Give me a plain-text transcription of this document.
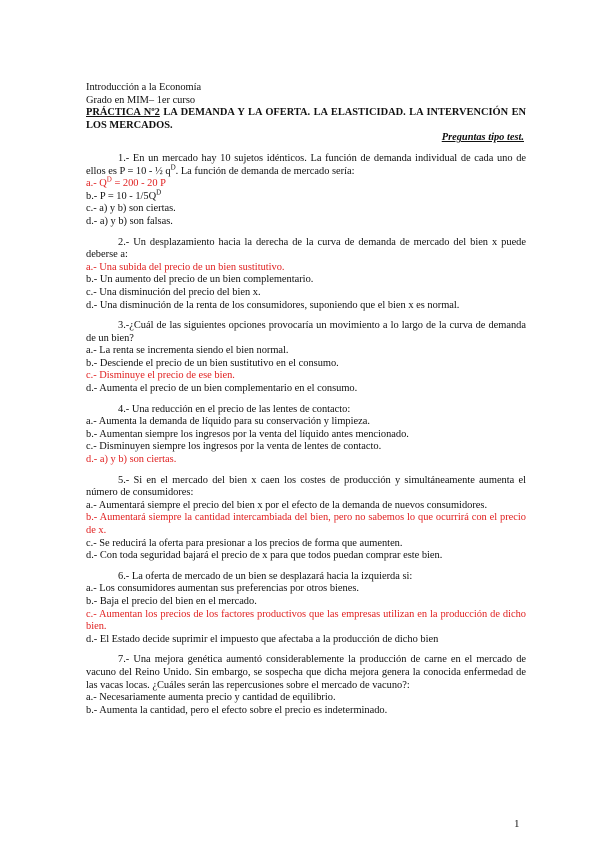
Introducción a la Economía

Grado en MIM– 1er curso

PRÁCTICA Nº2 LA DEMANDA Y LA OFERTA. LA ELASTICIDAD. LA INTERVENCIÓN EN LOS MERCADOS.

Preguntas tipo test.

1.- En un mercado hay 10 sujetos idénticos. La función de demanda individual de cada uno de ellos es P = 10 - ½ $q^D$. La función de demanda de mercado sería:

a.- $Q^D = 200 - 20$ P

b.- $P = 10 - 1/5Q^D$

c.- a) y b) son ciertas.

d.- a) y b) son falsas.

2.- Un desplazamiento hacia la derecha de la curva de demanda de mercado del bien x puede deberse a:

a.- Una subida del precio de un bien sustitutivo.

b.- Un aumento del precio de un bien complementario.

c.- Una disminución del precio del bien x.

d.- Una disminución de la renta de los consumidores, suponiendo que el bien x es normal.

3.-¿Cuál de las siguientes opciones provocaría un movimiento a lo largo de la curva de demanda de un bien?

a.- La renta se incrementa siendo el bien normal.

b.- Desciende el precio de un bien sustitutivo en el consumo.

c.- Disminuye el precio de ese bien.

d.- Aumenta el precio de un bien complementario en el consumo.

4.- Una reducción en el precio de las lentes de contacto:

a.- Aumenta la demanda de líquido para su conservación y limpieza.

b.- Aumentan siempre los ingresos por la venta del líquido antes mencionado.

c.- Disminuyen siempre los ingresos por la venta de lentes de contacto.

d.- a) y b) son ciertas.

5.- Si en el mercado del bien x caen los costes de producción y simultáneamente aumenta el número de consumidores:

a.- Aumentará siempre el precio del bien x por el efecto de la demanda de nuevos consumidores.

b.- Aumentará siempre la cantidad intercambiada del bien, pero no sabemos lo que ocurrirá con el precio de x.

c.- Se reducirá la oferta para presionar a los precios de forma que aumenten.

d.- Con toda seguridad bajará el precio de x para que todos puedan comprar este bien.

6.- La oferta de mercado de un bien se desplazará hacia la izquierda si:

a.- Los consumidores aumentan sus preferencias por otros bienes.

b.- Baja el precio del bien en el mercado.

c.- Aumentan los precios de los factores productivos que las empresas utilizan en la producción de dicho bien.

d.- El Estado decide suprimir el impuesto que afectaba a la producción de dicho bien

7.- Una mejora genética aumentó considerablemente la producción de carne en el mercado de vacuno del Reino Unido. Sin embargo, se sospecha que dicha mejora genera la conocida enfermedad de las vacas locas. ¿Cuáles serán las repercusiones sobre el mercado de vacuno?:

a.- Necesariamente aumenta precio y cantidad de equilibrio.

b.- Aumenta la cantidad, pero el efecto sobre el precio es indeterminado.

1
